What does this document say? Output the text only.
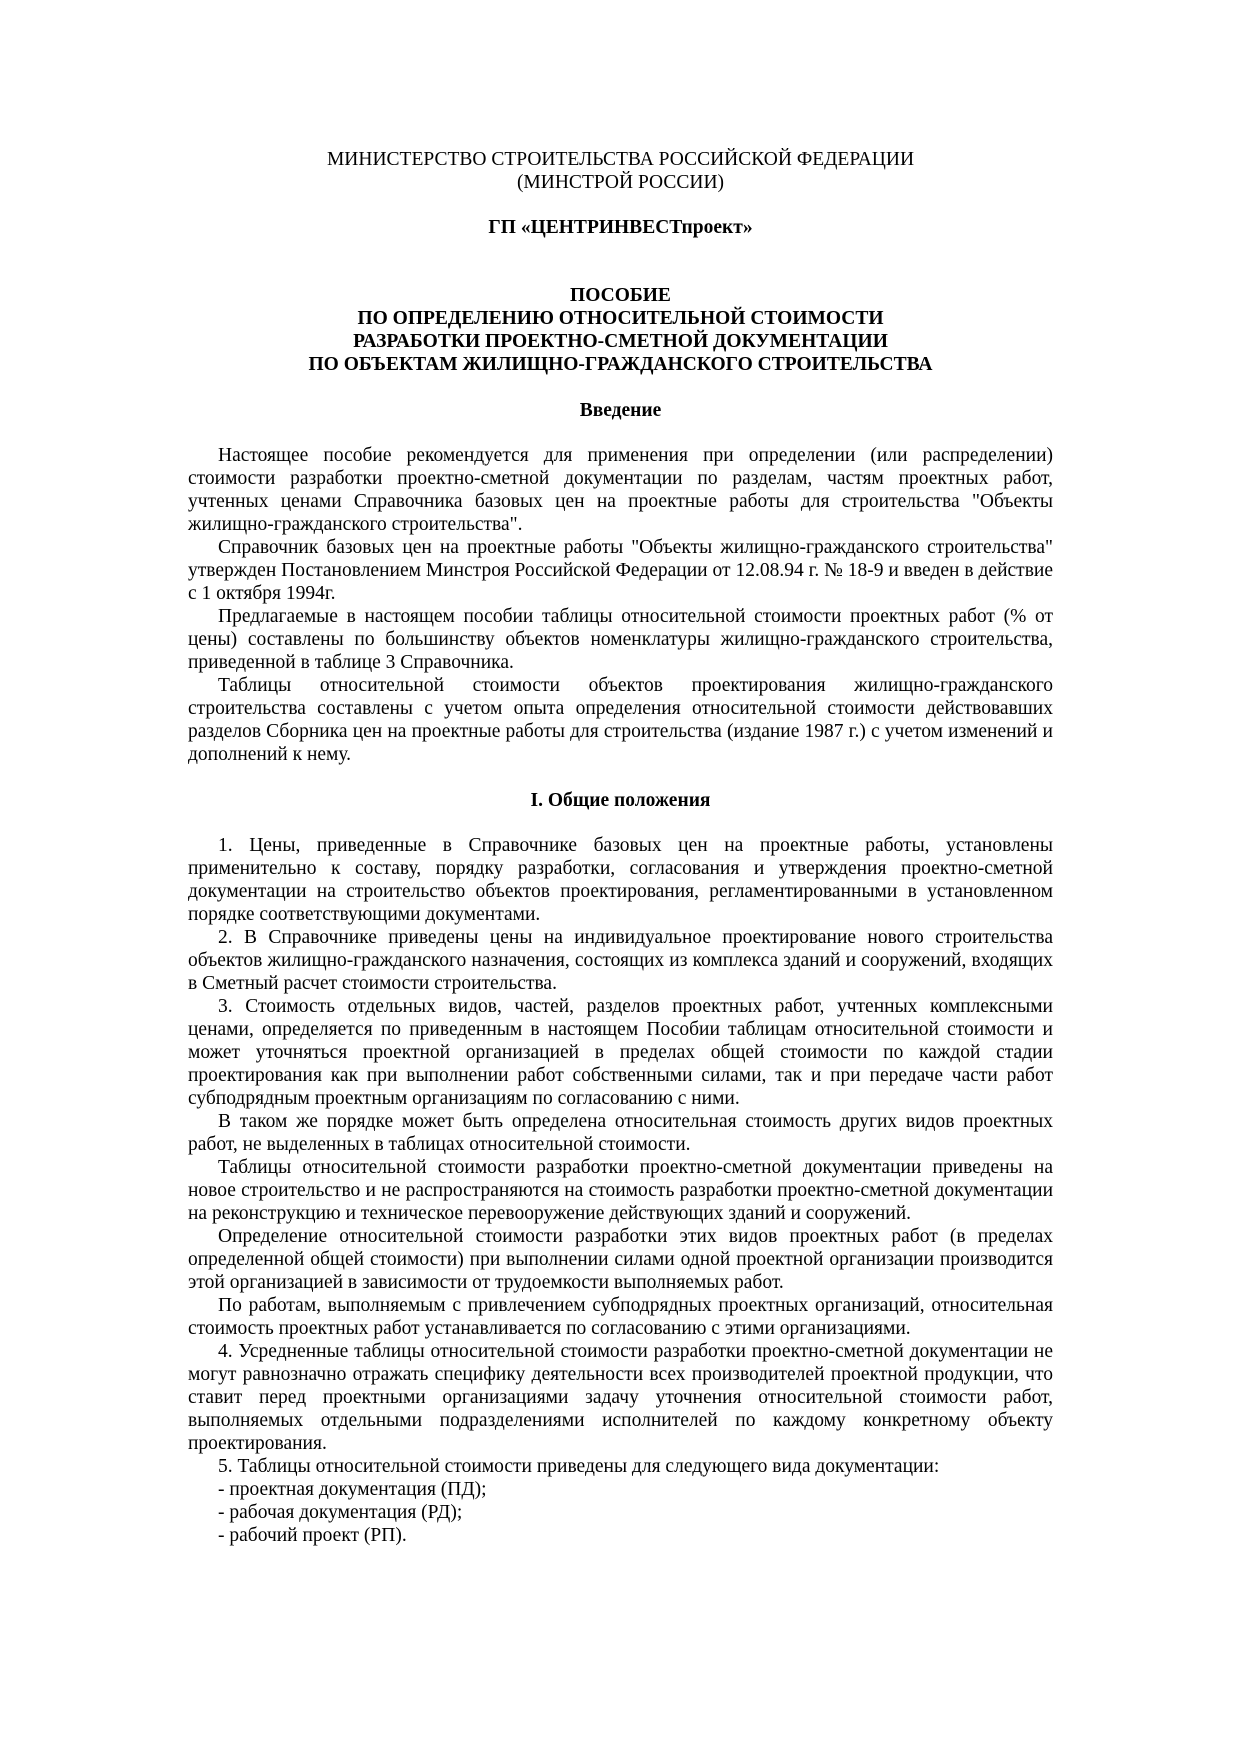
МИНИСТЕРСТВО СТРОИТЕЛЬСТВА РОССИЙСКОЙ ФЕДЕРАЦИИ
(МИНСТРОЙ РОССИИ)
ГП «ЦЕНТРИНВЕСТпроект»
ПОСОБИЕ
ПО ОПРЕДЕЛЕНИЮ ОТНОСИТЕЛЬНОЙ СТОИМОСТИ
РАЗРАБОТКИ ПРОЕКТНО-СМЕТНОЙ ДОКУМЕНТАЦИИ
ПО ОБЪЕКТАМ ЖИЛИЩНО-ГРАЖДАНСКОГО СТРОИТЕЛЬСТВА
Введение

Настоящее пособие рекомендуется для применения при определении (или распределении) стоимости разработки проектно-сметной документации по разделам, частям проектных работ, учтенных ценами Справочника базовых цен на проектные работы для строительства "Объекты жилищно-гражданского строительства".

Справочник базовых цен на проектные работы "Объекты жилищно-гражданского строительства" утвержден Постановлением Минстроя Российской Федерации от 12.08.94 г. № 18-9 и введен в действие с 1 октября 1994г.

Предлагаемые в настоящем пособии таблицы относительной стоимости проектных работ (% от цены) составлены по большинству объектов номенклатуры жилищно-гражданского строительства, приведенной в таблице 3 Справочника.

Таблицы относительной стоимости объектов проектирования жилищно-гражданского строительства составлены с учетом опыта определения относительной стоимости действовавших разделов Сборника цен на проектные работы для строительства (издание 1987 г.) с учетом изменений и дополнений к нему.

I. Общие положения

1. Цены, приведенные в Справочнике базовых цен на проектные работы, установлены применительно к составу, порядку разработки, согласования и утверждения проектно-сметной документации на строительство объектов проектирования, регламентированными в установленном порядке соответствующими документами.

2. В Справочнике приведены цены на индивидуальное проектирование нового строительства объектов жилищно-гражданского назначения, состоящих из комплекса зданий и сооружений, входящих в Сметный расчет стоимости строительства.

3. Стоимость отдельных видов, частей, разделов проектных работ, учтенных комплексными ценами, определяется по приведенным в настоящем Пособии таблицам относительной стоимости и может уточняться проектной организацией в пределах общей стоимости по каждой стадии проектирования как при выполнении работ собственными силами, так и при передаче части работ субподрядным проектным организациям по согласованию с ними.

В таком же порядке может быть определена относительная стоимость других видов проектных работ, не выделенных в таблицах относительной стоимости.

Таблицы относительной стоимости разработки проектно-сметной документации приведены на новое строительство и не распространяются на стоимость разработки проектно-сметной документации на реконструкцию и техническое перевооружение действующих зданий и сооружений.

Определение относительной стоимости разработки этих видов проектных работ (в пределах определенной общей стоимости) при выполнении силами одной проектной организации производится этой организацией в зависимости от трудоемкости выполняемых работ.

По работам, выполняемым с привлечением субподрядных проектных организаций, относительная стоимость проектных работ устанавливается по согласованию с этими организациями.

4. Усредненные таблицы относительной стоимости разработки проектно-сметной документации не могут равнозначно отражать специфику деятельности всех производителей проектной продукции, что ставит перед проектными организациями задачу уточнения относительной стоимости работ, выполняемых отдельными подразделениями исполнителей по каждому конкретному объекту проектирования.

5. Таблицы относительной стоимости приведены для следующего вида документации:

- проектная документация (ПД);
- рабочая документация (РД);
- рабочий проект (РП).
